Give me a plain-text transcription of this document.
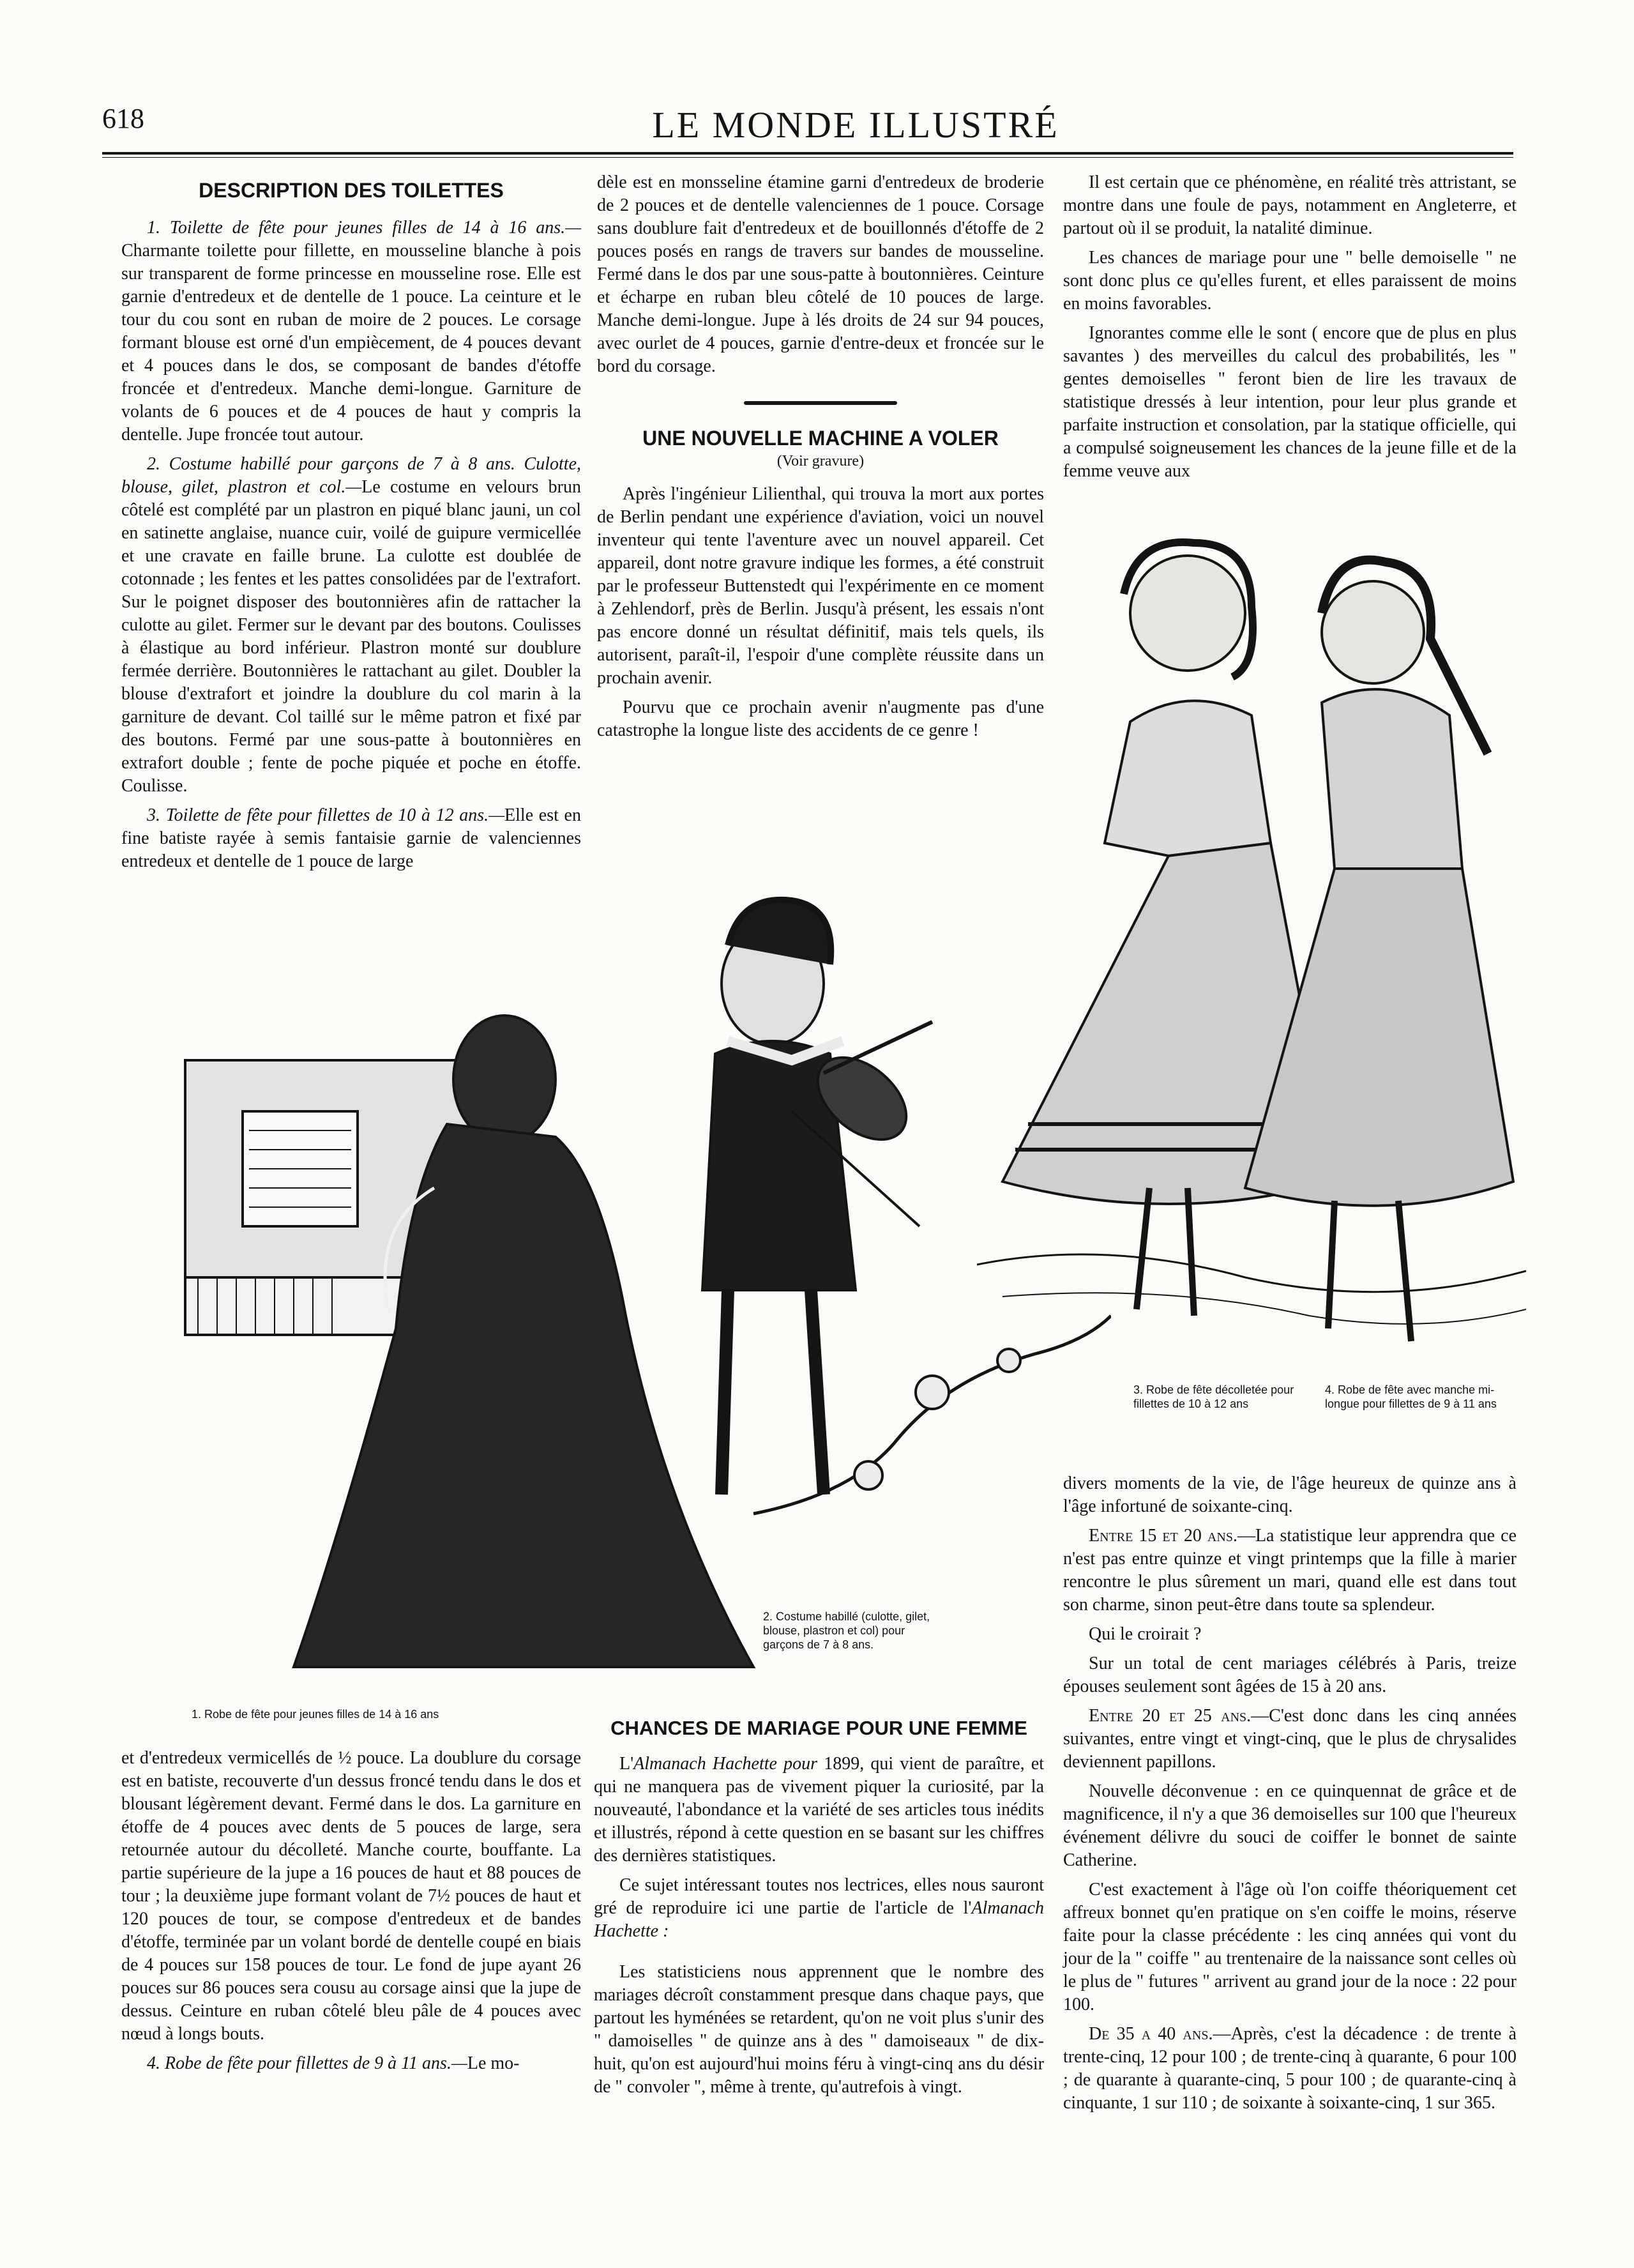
618	LE MONDE ILLUSTRÉ
DESCRIPTION DES TOILETTES

1. Toilette de fête pour jeunes filles de 14 à 16 ans.— Charmante toilette pour fillette, en mousseline blanche à pois sur transparent de forme princesse en mousseline rose. Elle est garnie d'entredeux et de dentelle de 1 pouce. La ceinture et le tour du cou sont en ruban de moire de 2 pouces. Le corsage formant blouse est orné d'un empiècement, de 4 pouces devant et 4 pouces dans le dos, se composant de bandes d'étoffe froncée et d'entredeux. Manche demi-longue. Garniture de volants de 6 pouces et de 4 pouces de haut y compris la dentelle. Jupe froncée tout autour.

2. Costume habillé pour garçons de 7 à 8 ans. Culotte, blouse, gilet, plastron et col.—Le costume en velours brun côtelé est complété par un plastron en piqué blanc jauni, un col en satinette anglaise, nuance cuir, voilé de guipure vermicellée et une cravate en faille brune. La culotte est doublée de cotonnade ; les fentes et les pattes consolidées par de l'extrafort. Sur le poignet disposer des boutonnières afin de rattacher la culotte au gilet. Fermer sur le devant par des boutons. Coulisses à élastique au bord inférieur. Plastron monté sur doublure fermée derrière. Boutonnières le rattachant au gilet. Doubler la blouse d'extrafort et joindre la doublure du col marin à la garniture de devant. Col taillé sur le même patron et fixé par des boutons. Fermé par une sous-patte à boutonnières en extrafort double ; fente de poche piquée et poche en étoffe. Coulisse.

3. Toilette de fête pour fillettes de 10 à 12 ans.—Elle est en fine batiste rayée à semis fantaisie garnie de valenciennes entredeux et dentelle de 1 pouce de large

dèle est en monsseline étamine garni d'entredeux de broderie de 2 pouces et de dentelle valenciennes de 1 pouce. Corsage sans doublure fait d'entredeux et de bouillonnés d'étoffe de 2 pouces posés en rangs de travers sur bandes de mousseline. Fermé dans le dos par une sous-patte à boutonnières. Ceinture et écharpe en ruban bleu côtelé de 10 pouces de large. Manche demi-longue. Jupe à lés droits de 24 sur 94 pouces, avec ourlet de 4 pouces, garnie d'entre-deux et froncée sur le bord du corsage.

UNE NOUVELLE MACHINE A VOLER
(Voir gravure)

Après l'ingénieur Lilienthal, qui trouva la mort aux portes de Berlin pendant une expérience d'aviation, voici un nouvel inventeur qui tente l'aventure avec un nouvel appareil. Cet appareil, dont notre gravure indique les formes, a été construit par le professeur Buttenstedt qui l'expérimente en ce moment à Zehlendorf, près de Berlin. Jusqu'à présent, les essais n'ont pas encore donné un résultat définitif, mais tels quels, ils autorisent, paraît-il, l'espoir d'une complète réussite dans un prochain avenir.

Pourvu que ce prochain avenir n'augmente pas d'une catastrophe la longue liste des accidents de ce genre !

Il est certain que ce phénomène, en réalité très attristant, se montre dans une foule de pays, notamment en Angleterre, et partout où il se produit, la natalité diminue.

Les chances de mariage pour une " belle demoiselle " ne sont donc plus ce qu'elles furent, et elles paraissent de moins en moins favorables.

Ignorantes comme elle le sont ( encore que de plus en plus savantes ) des merveilles du calcul des probabilités, les " gentes demoiselles " feront bien de lire les travaux de statistique dressés à leur intention, pour leur plus grande et parfaite instruction et consolation, par la statique officielle, qui a compulsé soigneusement les chances de la jeune fille et de la femme veuve aux

3. Robe de fête décolletée pour fillettes de 10 à 12 ans
4. Robe de fête avec manche mi-longue pour fillettes de 9 à 11 ans
2. Costume habillé (culotte, gilet, blouse, plastron et col) pour garçons de 7 à 8 ans.
1. Robe de fête pour jeunes filles de 14 à 16 ans

et d'entredeux vermicellés de ½ pouce. La doublure du corsage est en batiste, recouverte d'un dessus froncé tendu dans le dos et blousant légèrement devant. Fermé dans le dos. La garniture en étoffe de 4 pouces avec dents de 5 pouces de large, sera retournée autour du décolleté. Manche courte, bouffante. La partie supérieure de la jupe a 16 pouces de haut et 88 pouces de tour ; la deuxième jupe formant volant de 7½ pouces de haut et 120 pouces de tour, se compose d'entredeux et de bandes d'étoffe, terminée par un volant bordé de dentelle coupé en biais de 4 pouces sur 158 pouces de tour. Le fond de jupe ayant 26 pouces sur 86 pouces sera cousu au corsage ainsi que la jupe de dessus. Ceinture en ruban côtelé bleu pâle de 4 pouces avec nœud à longs bouts.

4. Robe de fête pour fillettes de 9 à 11 ans.—Le mo-

CHANCES DE MARIAGE POUR UNE FEMME

L'Almanach Hachette pour 1899, qui vient de paraître, et qui ne manquera pas de vivement piquer la curiosité, par la nouveauté, l'abondance et la variété de ses articles tous inédits et illustrés, répond à cette question en se basant sur les chiffres des dernières statistiques.

Ce sujet intéressant toutes nos lectrices, elles nous sauront gré de reproduire ici une partie de l'article de l'Almanach Hachette :

Les statisticiens nous apprennent que le nombre des mariages décroît constamment presque dans chaque pays, que partout les hyménées se retardent, qu'on ne voit plus s'unir des " damoiselles " de quinze ans à des " damoiseaux " de dix-huit, qu'on est aujourd'hui moins féru à vingt-cinq ans du désir de " convoler ", même à trente, qu'autrefois à vingt.

divers moments de la vie, de l'âge heureux de quinze ans à l'âge infortuné de soixante-cinq.

Entre 15 et 20 ans.—La statistique leur apprendra que ce n'est pas entre quinze et vingt printemps que la fille à marier rencontre le plus sûrement un mari, quand elle est dans tout son charme, sinon peut-être dans toute sa splendeur.

Qui le croirait ?

Sur un total de cent mariages célébrés à Paris, treize épouses seulement sont âgées de 15 à 20 ans.

Entre 20 et 25 ans.—C'est donc dans les cinq années suivantes, entre vingt et vingt-cinq, que le plus de chrysalides deviennent papillons.

Nouvelle déconvenue : en ce quinquennat de grâce et de magnificence, il n'y a que 36 demoiselles sur 100 que l'heureux événement délivre du souci de coiffer le bonnet de sainte Catherine.

C'est exactement à l'âge où l'on coiffe théoriquement cet affreux bonnet qu'en pratique on s'en coiffe le moins, réserve faite pour la classe précédente : les cinq années qui vont du jour de la " coiffe " au trentenaire de la naissance sont celles où le plus de " futures " arrivent au grand jour de la noce : 22 pour 100.

De 35 a 40 ans.—Après, c'est la décadence : de trente à trente-cinq, 12 pour 100 ; de trente-cinq à quarante, 6 pour 100 ; de quarante à quarante-cinq, 5 pour 100 ; de quarante-cinq à cinquante, 1 sur 110 ; de soixante à soixante-cinq, 1 sur 365.
